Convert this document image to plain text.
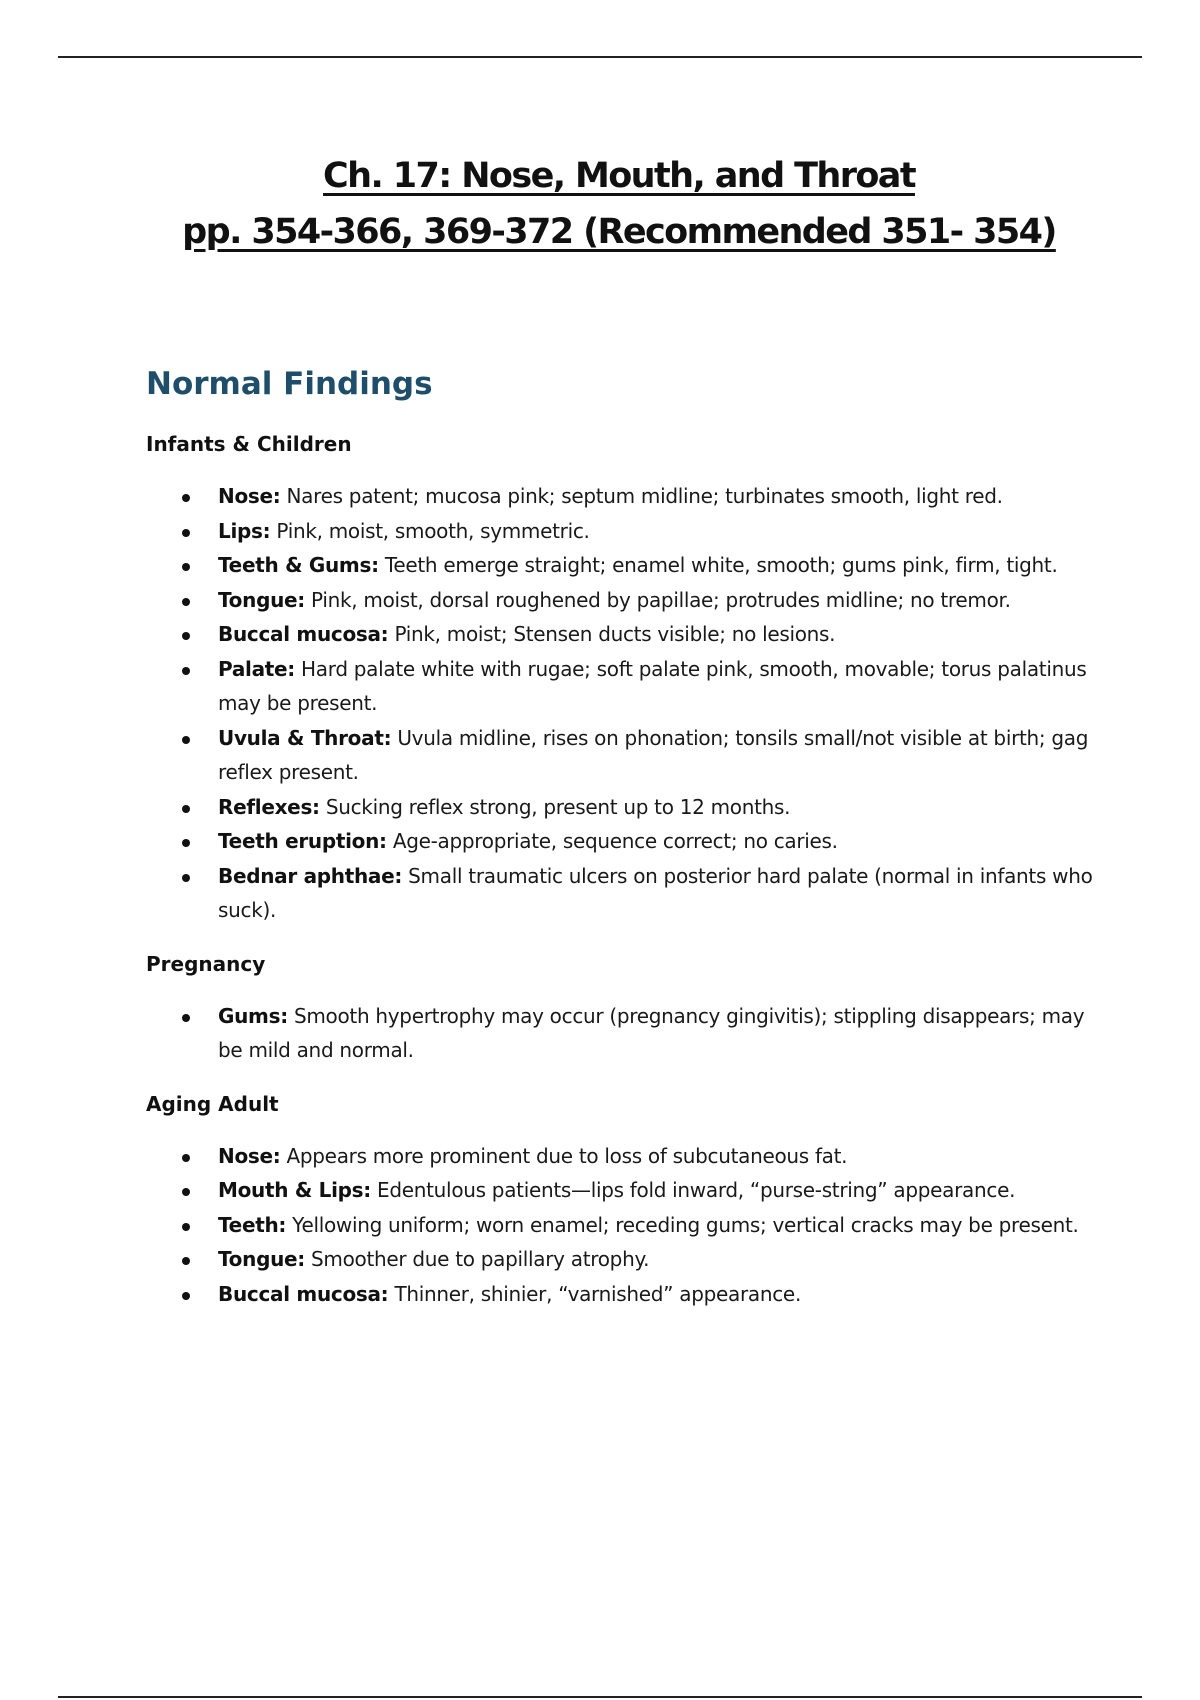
Ch. 17: Nose, Mouth, and Throat
pp. 354-366, 369-372 (Recommended 351- 354)
Normal Findings
Infants & Children
Nose: Nares patent; mucosa pink; septum midline; turbinates smooth, light red.
Lips: Pink, moist, smooth, symmetric.
Teeth & Gums: Teeth emerge straight; enamel white, smooth; gums pink, firm, tight.
Tongue: Pink, moist, dorsal roughened by papillae; protrudes midline; no tremor.
Buccal mucosa: Pink, moist; Stensen ducts visible; no lesions.
Palate: Hard palate white with rugae; soft palate pink, smooth, movable; torus palatinus may be present.
Uvula & Throat: Uvula midline, rises on phonation; tonsils small/not visible at birth; gag reflex present.
Reflexes: Sucking reflex strong, present up to 12 months.
Teeth eruption: Age-appropriate, sequence correct; no caries.
Bednar aphthae: Small traumatic ulcers on posterior hard palate (normal in infants who suck).
Pregnancy
Gums: Smooth hypertrophy may occur (pregnancy gingivitis); stippling disappears; may be mild and normal.
Aging Adult
Nose: Appears more prominent due to loss of subcutaneous fat.
Mouth & Lips: Edentulous patients—lips fold inward, “purse-string” appearance.
Teeth: Yellowing uniform; worn enamel; receding gums; vertical cracks may be present.
Tongue: Smoother due to papillary atrophy.
Buccal mucosa: Thinner, shinier, “varnished” appearance.
